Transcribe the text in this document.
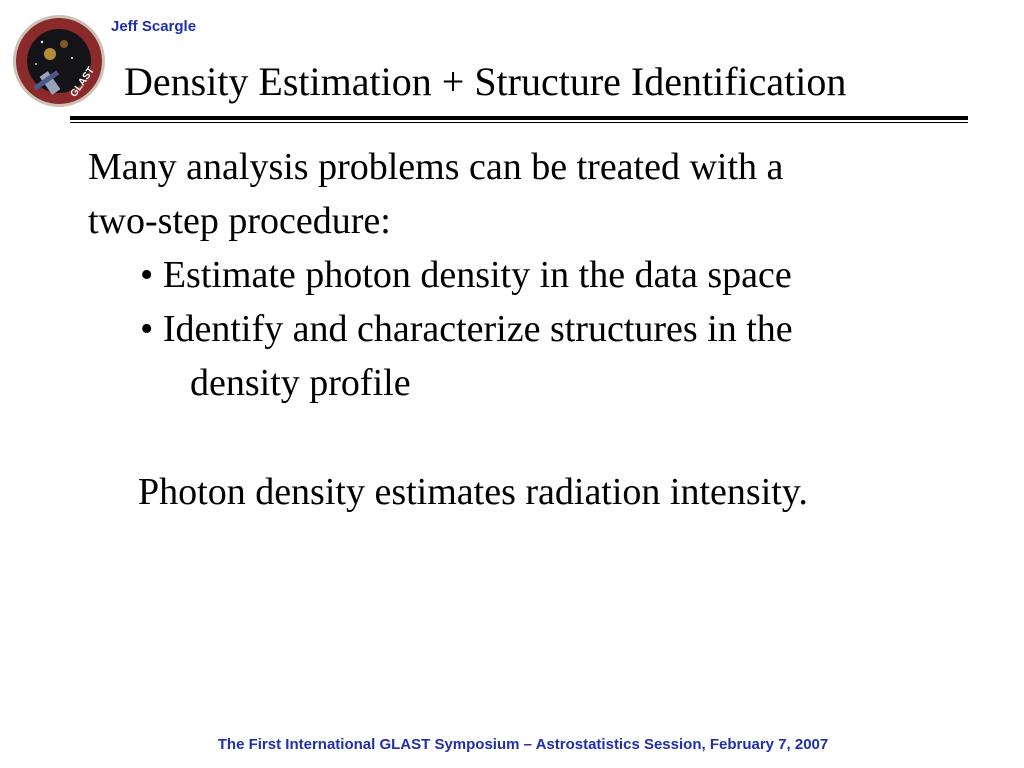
GLAST
Jeff Scargle
Density Estimation + Structure Identification

Many analysis problems can be treated with a

two-step procedure:

• Estimate photon density in the data space

• Identify and characterize structures in the

density profile

Photon density estimates radiation intensity.

The First International GLAST Symposium – Astrostatistics Session, February 7, 2007
